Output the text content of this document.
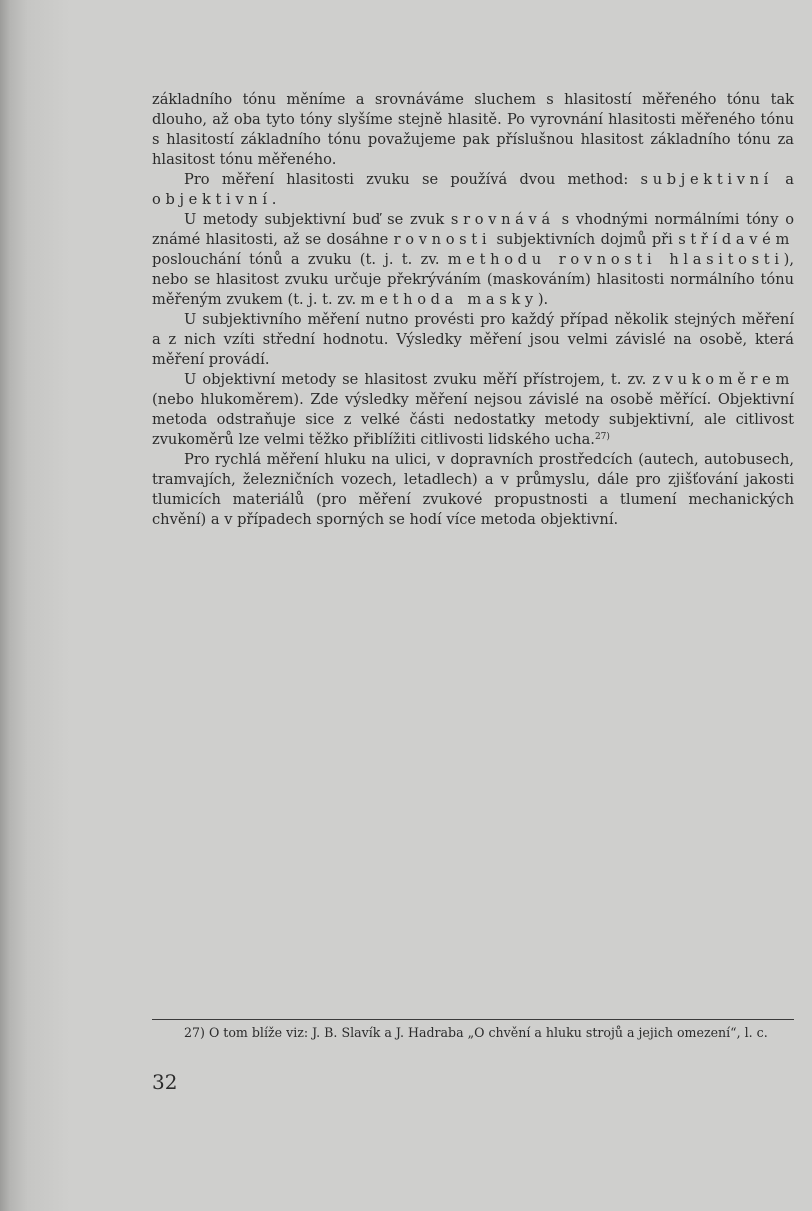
základního tónu měníme a srovnáváme sluchem s hlasitostí měřeného tónu tak dlouho, až oba tyto tóny slyšíme stejně hlasitě. Po vyrovnání hlasitosti měřeného tónu s hlasitostí základního tónu považujeme pak příslušnou hlasitost základního tónu za hlasitost tónu měřeného.

Pro měření hlasitosti zvuku se používá dvou method: subjektivní a objektivní.

U metody subjektivní buď se zvuk srovnává s vhodnými normálními tóny o známé hlasitosti, až se dosáhne rovnosti subjektivních dojmů při střídavém poslouchání tónů a zvuku (t. j. t. zv. methodu rovnosti hlasitosti), nebo se hlasitost zvuku určuje překrýváním (maskováním) hlasitosti normálního tónu měřeným zvukem (t. j. t. zv. methoda masky).

U subjektivního měření nutno provésti pro každý případ několik stejných měření a z nich vzíti střední hodnotu. Výsledky měření jsou velmi závislé na osobě, která měření provádí.

U objektivní metody se hlasitost zvuku měří přístrojem, t. zv. zvukoměrem (nebo hlukoměrem). Zde výsledky měření nejsou závislé na osobě měřící. Objektivní metoda odstraňuje sice z velké části nedostatky metody subjektivní, ale citlivost zvukoměrů lze velmi těžko přiblížiti citlivosti lidského ucha.$^{27)}$

Pro rychlá měření hluku na ulici, v dopravních prostředcích (autech, autobusech, tramvajích, železničních vozech, letadlech) a v průmyslu, dále pro zjišťování jakosti tlumicích materiálů (pro měření zvukové propustnosti a tlumení mechanických chvění) a v případech sporných se hodí více metoda objektivní.

27) O tom blíže viz: J. B. Slavík a J. Hadraba „O chvění a hluku strojů a jejich omezení“, l. c.
32
